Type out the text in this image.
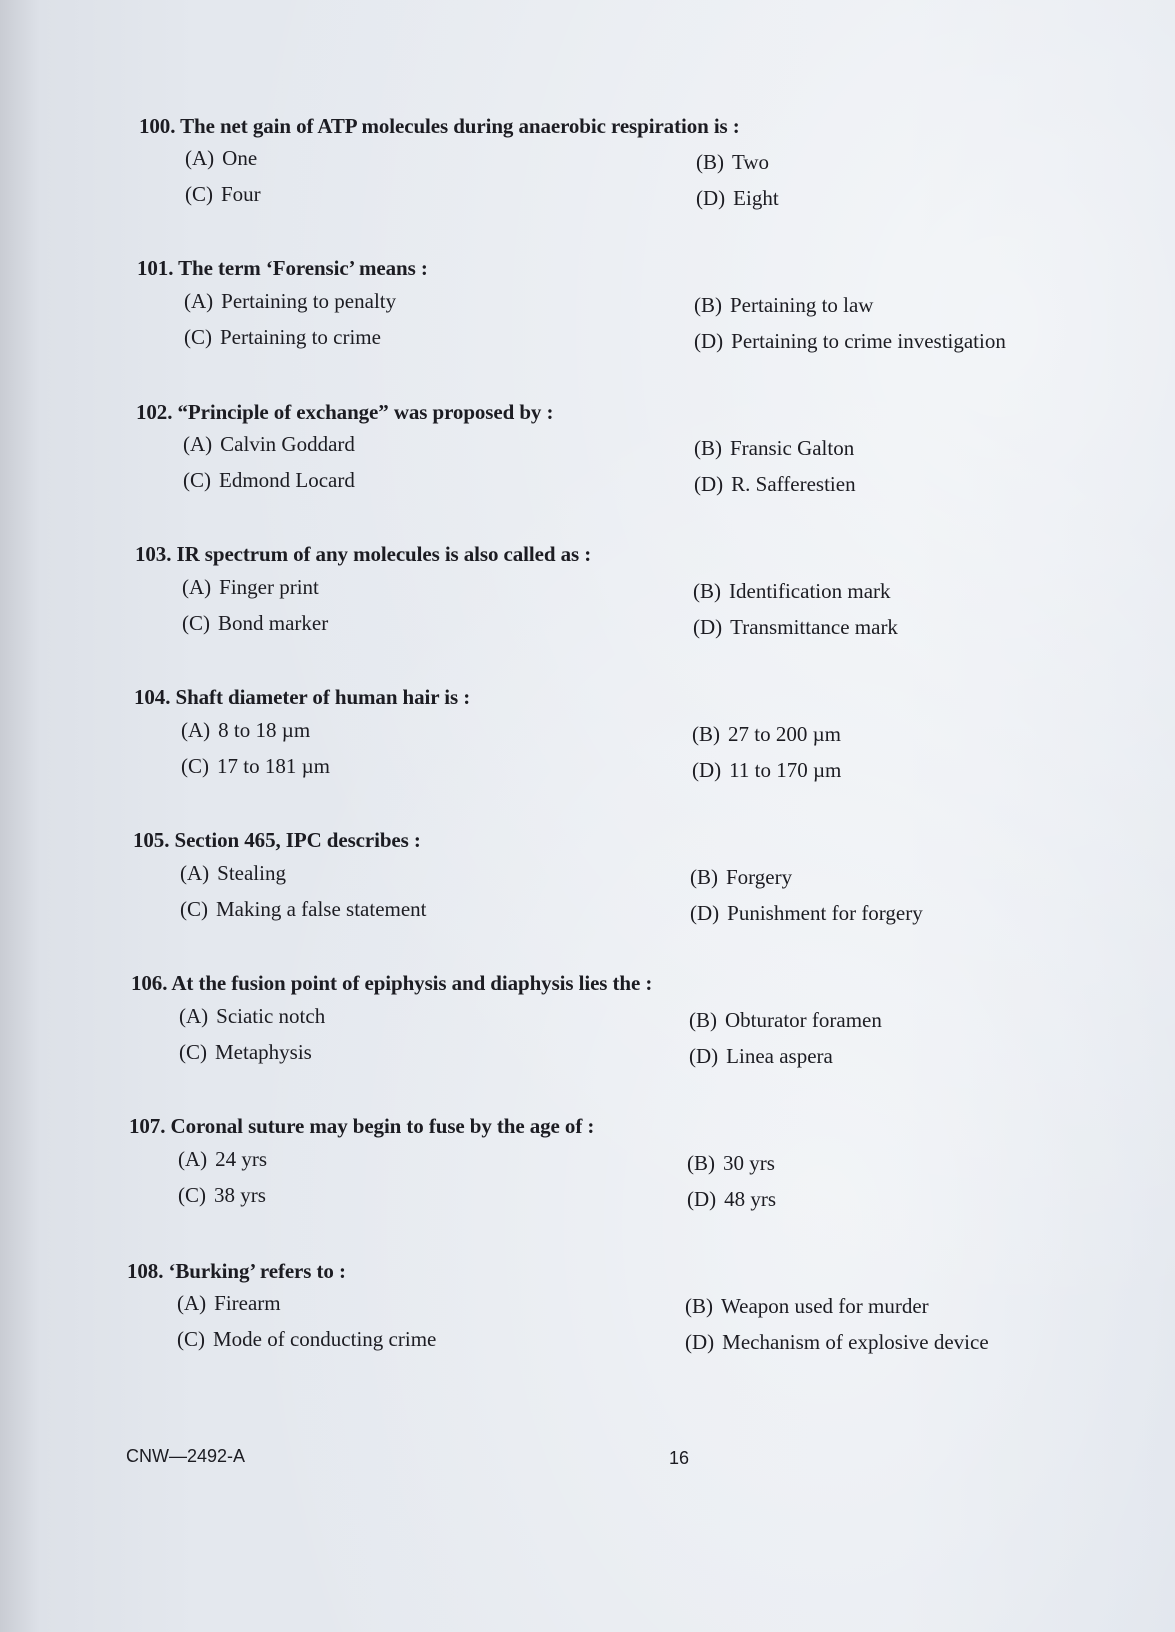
100. The net gain of ATP molecules during anaerobic respiration is :
(A) One	(B) Two
(C) Four	(D) Eight
101. The term ‘Forensic’ means :
(A) Pertaining to penalty	(B) Pertaining to law
(C) Pertaining to crime	(D) Pertaining to crime investigation
102. “Principle of exchange” was proposed by :
(A) Calvin Goddard	(B) Fransic Galton
(C) Edmond Locard	(D) R. Safferestien
103. IR spectrum of any molecules is also called as :
(A) Finger print	(B) Identification mark
(C) Bond marker	(D) Transmittance mark
104. Shaft diameter of human hair is :
(A) 8 to 18 µm	(B) 27 to 200 µm
(C) 17 to 181 µm	(D) 11 to 170 µm
105. Section 465, IPC describes :
(A) Stealing	(B) Forgery
(C) Making a false statement	(D) Punishment for forgery
106. At the fusion point of epiphysis and diaphysis lies the :
(A) Sciatic notch	(B) Obturator foramen
(C) Metaphysis	(D) Linea aspera
107. Coronal suture may begin to fuse by the age of :
(A) 24 yrs	(B) 30 yrs
(C) 38 yrs	(D) 48 yrs
108. ‘Burking’ refers to :
(A) Firearm	(B) Weapon used for murder
(C) Mode of conducting crime	(D) Mechanism of explosive device
CNW—2492-A	16
